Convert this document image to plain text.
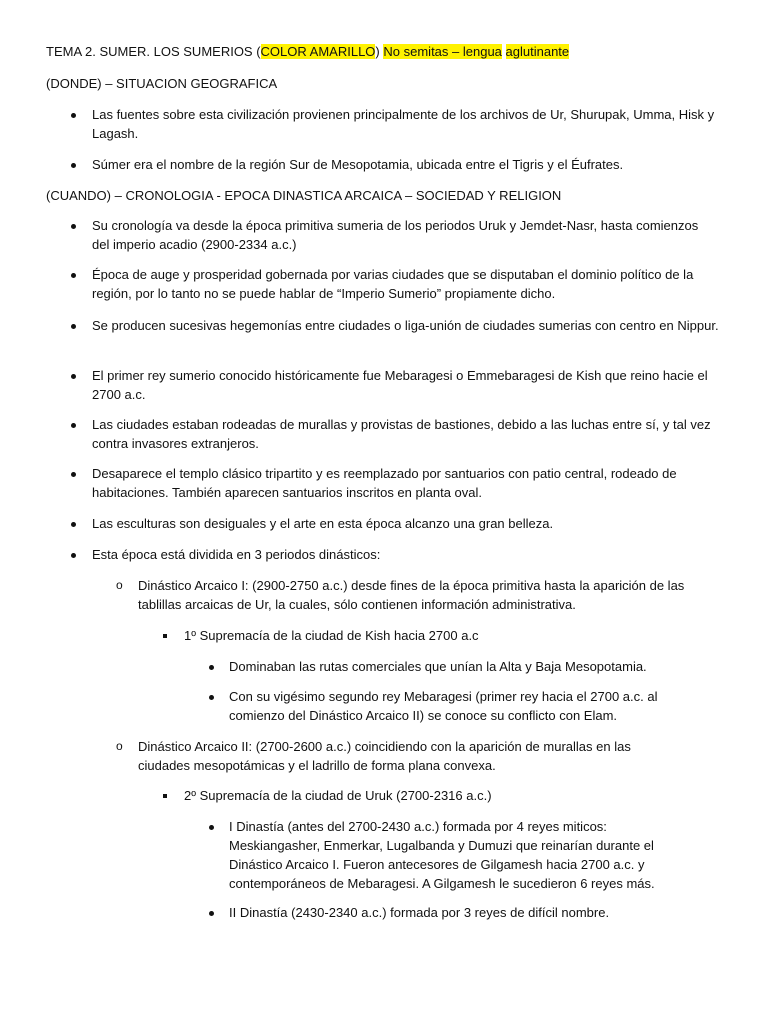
TEMA 2. SUMER. LOS SUMERIOS (COLOR AMARILLO) No semitas – lengua aglutinante
(DONDE) – SITUACION GEOGRAFICA
Las fuentes sobre esta civilización provienen principalmente de los archivos de Ur, Shurupak, Umma, Hisk y Lagash.
Súmer era el nombre de la región Sur de Mesopotamia, ubicada entre el Tigris y el Éufrates.
(CUANDO) – CRONOLOGIA - EPOCA DINASTICA ARCAICA – SOCIEDAD Y RELIGION
Su cronología va desde la época primitiva sumeria de los periodos Uruk y Jemdet-Nasr, hasta comienzos del imperio acadio (2900-2334 a.c.)
Época de auge y prosperidad gobernada por varias ciudades que se disputaban el dominio político de la región, por lo tanto no se puede hablar de “Imperio Sumerio” propiamente dicho.
Se producen sucesivas hegemonías entre ciudades o liga-unión de ciudades sumerias con centro en Nippur.
El primer rey sumerio conocido históricamente fue Mebaragesi o Emmebaragesi de Kish que reino hacie el 2700 a.c.
Las ciudades estaban rodeadas de murallas y provistas de bastiones, debido a las luchas entre sí, y tal vez contra invasores extranjeros.
Desaparece el templo clásico tripartito y es reemplazado por santuarios con patio central, rodeado de habitaciones. También aparecen santuarios inscritos en planta oval.
Las esculturas son desiguales y el arte en esta época alcanzo una gran belleza.
Esta época está dividida en 3 periodos dinásticos:
o Dinástico Arcaico I: (2900-2750 a.c.) desde fines de la época primitiva hasta la aparición de las tablillas arcaicas de Ur, la cuales, sólo contienen información administrativa.
1º Supremacía de la ciudad de Kish hacia 2700 a.c
Dominaban las rutas comerciales que unían la Alta y Baja Mesopotamia.
Con su vigésimo segundo rey Mebaragesi (primer rey hacia el 2700 a.c. al comienzo del Dinástico Arcaico II) se conoce su conflicto con Elam.
o Dinástico Arcaico II: (2700-2600 a.c.) coincidiendo con la aparición de murallas en las ciudades mesopotámicas y el ladrillo de forma plana convexa.
2º Supremacía de la ciudad de Uruk (2700-2316 a.c.)
I Dinastía (antes del 2700-2430 a.c.) formada por 4 reyes miticos: Meskiangasher, Enmerkar, Lugalbanda y Dumuzi que reinarían durante el Dinástico Arcaico I. Fueron antecesores de Gilgamesh hacia 2700 a.c. y contemporáneos de Mebaragesi. A Gilgamesh le sucedieron 6 reyes más.
II Dinastía (2430-2340 a.c.) formada por 3 reyes de difícil nombre.
